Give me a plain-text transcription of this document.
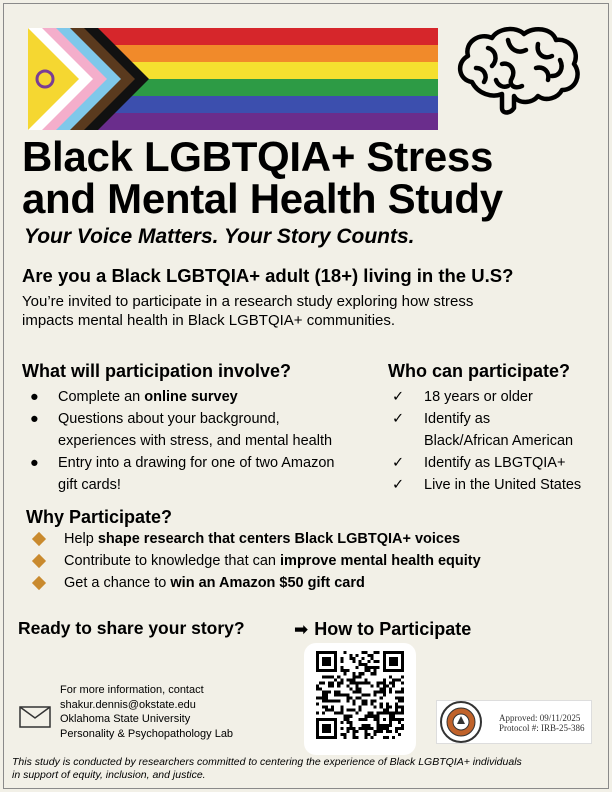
Black LGBTQIA+ Stress
and Mental Health Study
Your Voice Matters. Your Story Counts.
Are you a Black LGBTQIA+ adult (18+) living in the U.S?
You’re invited to participate in a research study exploring how stress
impacts mental health in Black LGBTQIA+ communities.
What will participation involve?
● Complete an online survey
● Questions about your background,
experiences with stress, and mental health
● Entry into a drawing for one of two Amazon
gift cards!
Who can participate?
✓ 18 years or older
✓ Identify as
Black/African American
✓ Identify as LBGTQIA+
✓ Live in the United States
Why Participate?
Help shape research that centers Black LGBTQIA+ voices
Contribute to knowledge that can improve mental health equity
Get a chance to win an Amazon $50 gift card
Ready to share your story?	➡ How to Participate
For more information, contact
shakur.dennis@okstate.edu
Oklahoma State University
Personality & Psychopathology Lab
Approved: 09/11/2025
Protocol #: IRB-25-386
This study is conducted by researchers committed to centering the experience of Black LGBTQIA+ individuals
in support of equity, inclusion, and justice.
